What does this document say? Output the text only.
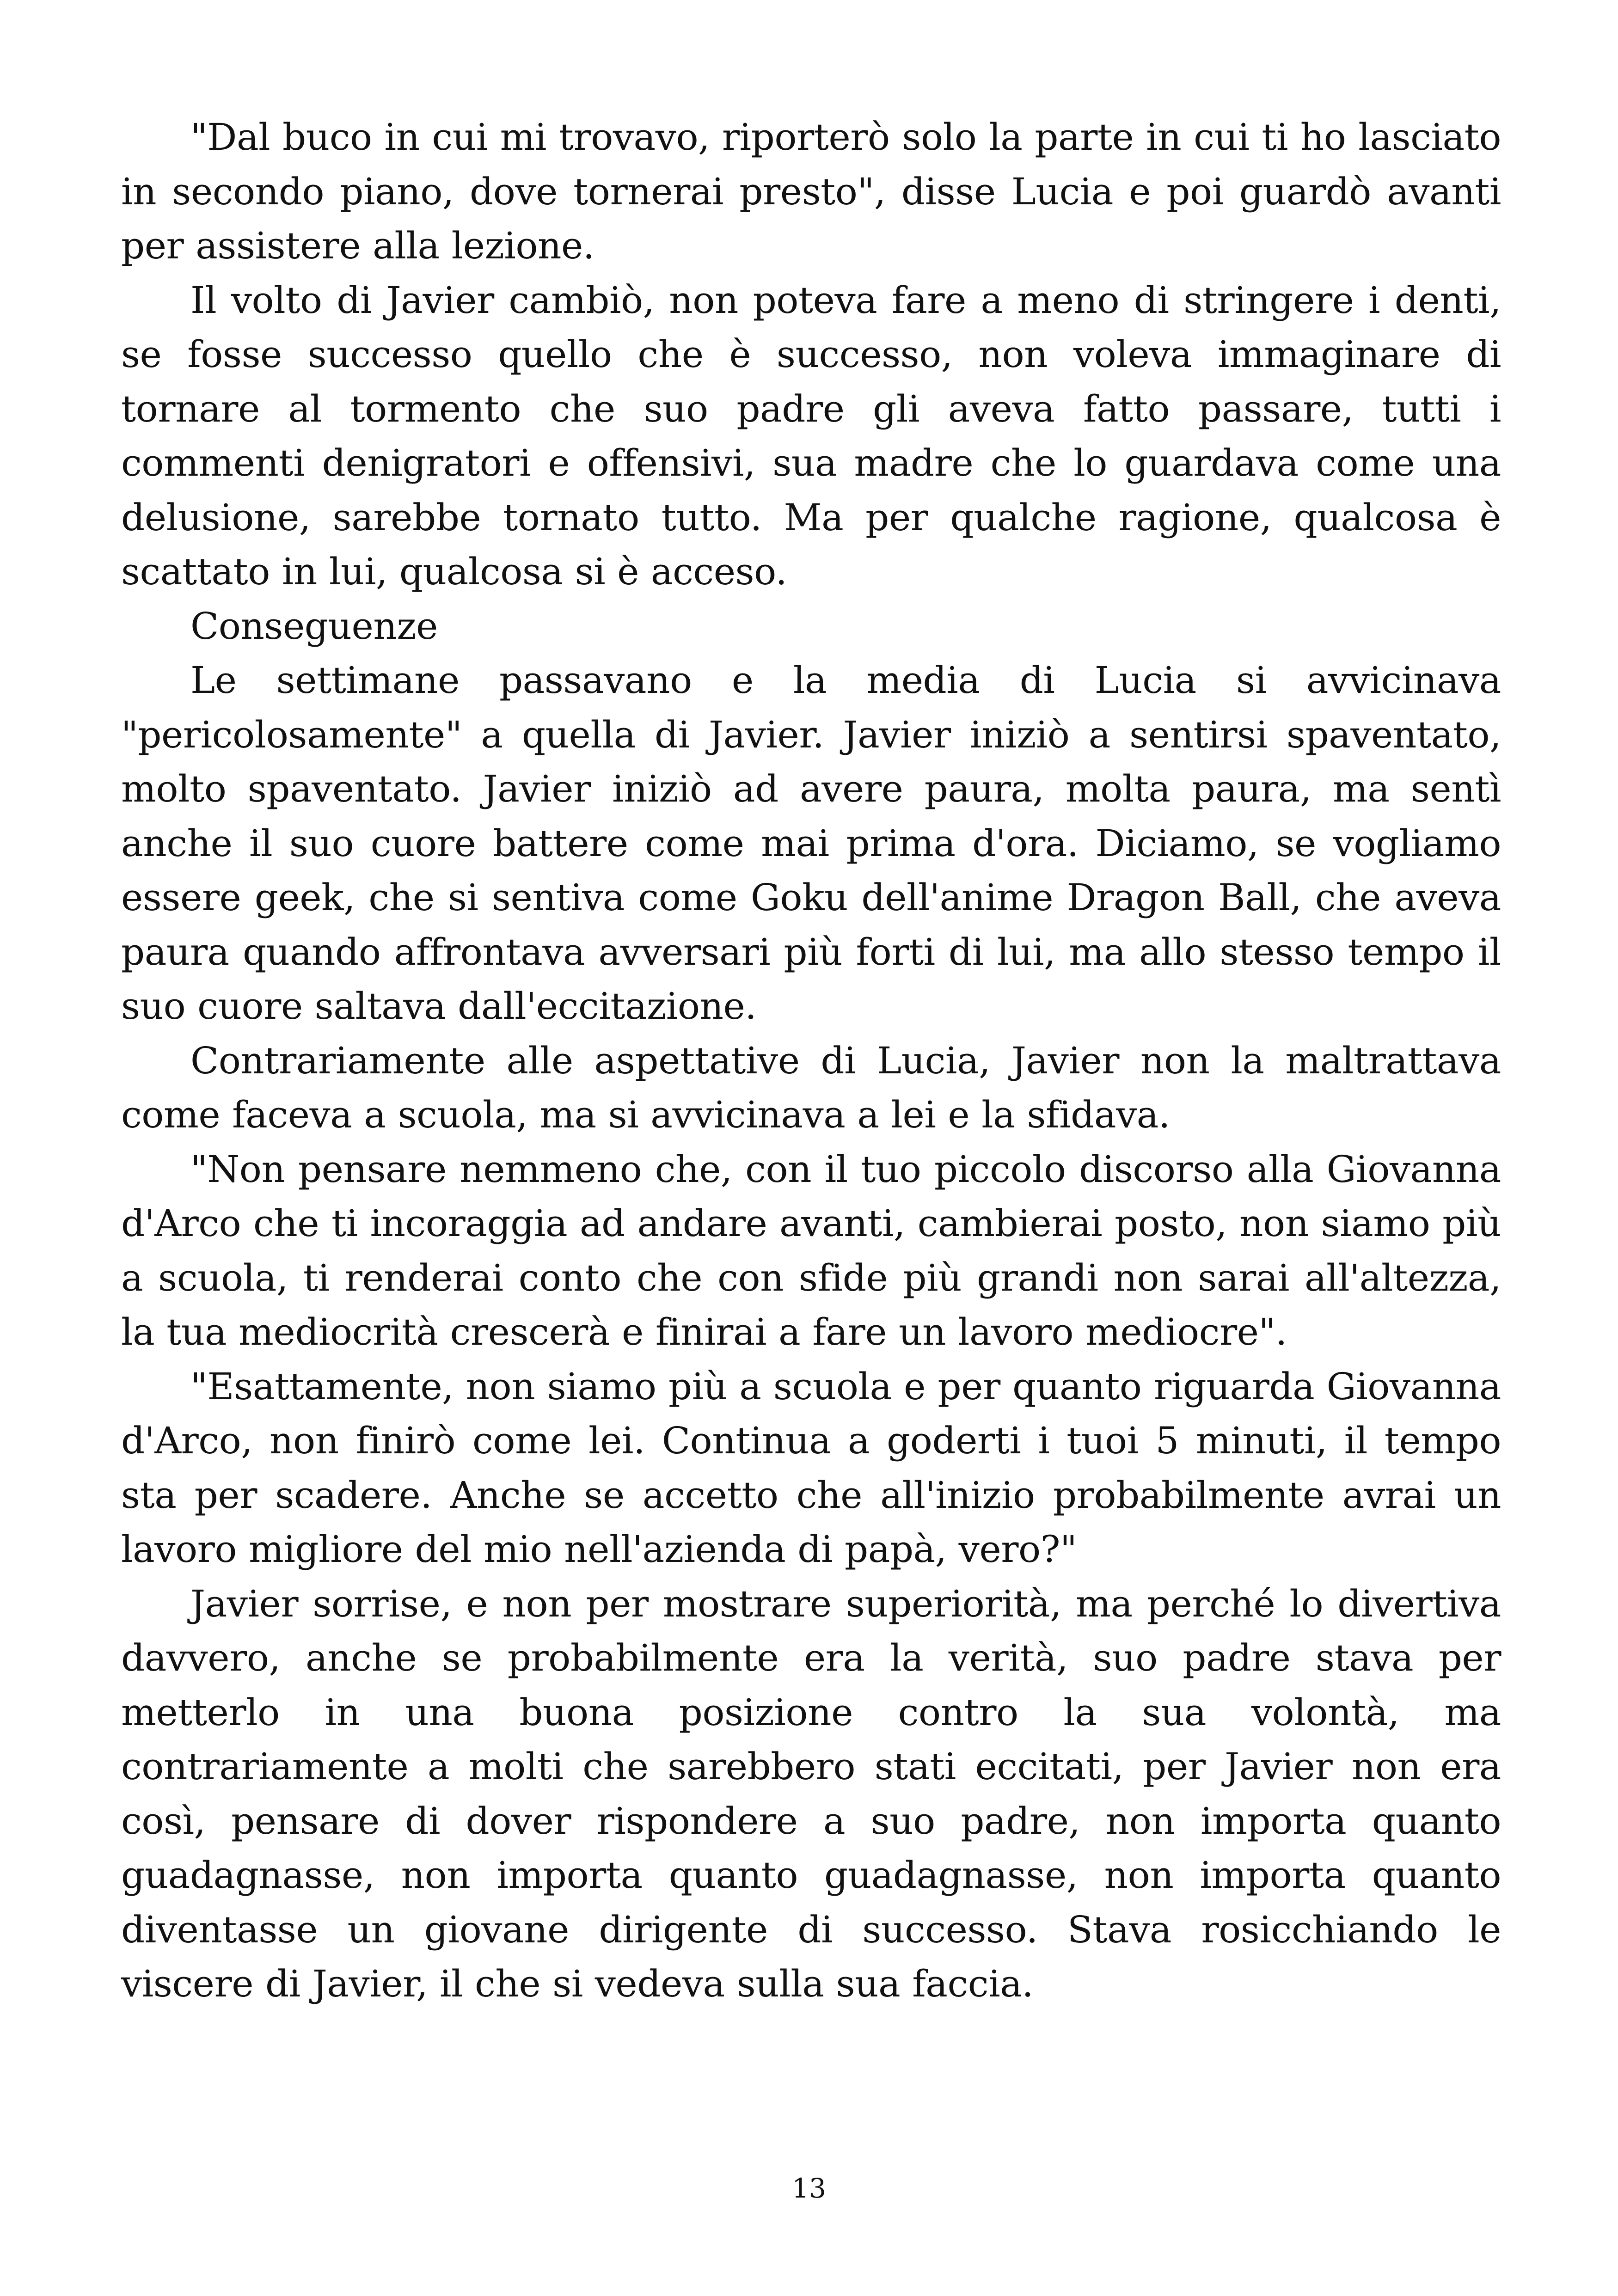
"Dal buco in cui mi trovavo, riporterò solo la parte in cui ti ho lasciato in secondo piano, dove tornerai presto", disse Lucia e poi guardò avanti per assistere alla lezione.

Il volto di Javier cambiò, non poteva fare a meno di stringere i denti, se fosse successo quello che è successo, non voleva immaginare di tornare al tormento che suo padre gli aveva fatto passare, tutti i commenti denigratori e offensivi, sua madre che lo guardava come una delusione, sarebbe tornato tutto. Ma per qualche ragione, qualcosa è scattato in lui, qualcosa si è acceso.

Conseguenze

Le settimane passavano e la media di Lucia si avvicinava "pericolosamente" a quella di Javier. Javier iniziò a sentirsi spaventato, molto spaventato. Javier iniziò ad avere paura, molta paura, ma sentì anche il suo cuore battere come mai prima d'ora. Diciamo, se vogliamo essere geek, che si sentiva come Goku dell'anime Dragon Ball, che aveva paura quando affrontava avversari più forti di lui, ma allo stesso tempo il suo cuore saltava dall'eccitazione.

Contrariamente alle aspettative di Lucia, Javier non la maltrattava come faceva a scuola, ma si avvicinava a lei e la sfidava.

"Non pensare nemmeno che, con il tuo piccolo discorso alla Giovanna d'Arco che ti incoraggia ad andare avanti, cambierai posto, non siamo più a scuola, ti renderai conto che con sfide più grandi non sarai all'altezza, la tua mediocrità crescerà e finirai a fare un lavoro mediocre".

"Esattamente, non siamo più a scuola e per quanto riguarda Giovanna d'Arco, non finirò come lei. Continua a goderti i tuoi 5 minuti, il tempo sta per scadere. Anche se accetto che all'inizio probabilmente avrai un lavoro migliore del mio nell'azienda di papà, vero?"

Javier sorrise, e non per mostrare superiorità, ma perché lo divertiva davvero, anche se probabilmente era la verità, suo padre stava per metterlo in una buona posizione contro la sua volontà, ma contrariamente a molti che sarebbero stati eccitati, per Javier non era così, pensare di dover rispondere a suo padre, non importa quanto guadagnasse, non importa quanto guadagnasse, non importa quanto diventasse un giovane dirigente di successo. Stava rosicchiando le viscere di Javier, il che si vedeva sulla sua faccia.

13
